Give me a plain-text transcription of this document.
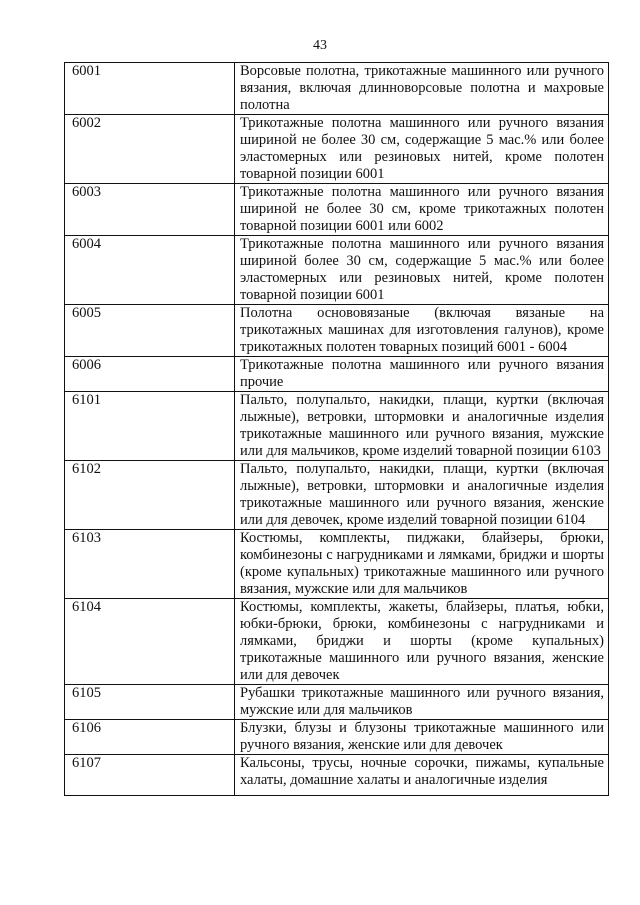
43
6001	Ворсовые полотна, трикотажные машинного или ручного вязания, включая длинноворсовые полотна и махровые полотна
6002	Трикотажные полотна машинного или ручного вязания шириной не более 30 см, содержащие 5 мас.% или более эластомерных или резиновых нитей, кроме полотен товарной позиции 6001
6003	Трикотажные полотна машинного или ручного вязания шириной не более 30 см, кроме трикотажных полотен товарной позиции 6001 или 6002
6004	Трикотажные полотна машинного или ручного вязания шириной более 30 см, содержащие 5 мас.% или более эластомерных или резиновых нитей, кроме полотен товарной позиции 6001
6005	Полотна основовязаные (включая вязаные на трикотажных машинах для изготовления галунов), кроме трикотажных полотен товарных позиций 6001 - 6004
6006	Трикотажные полотна машинного или ручного вязания прочие
6101	Пальто, полупальто, накидки, плащи, куртки (включая лыжные), ветровки, штормовки и аналогичные изделия трикотажные машинного или ручного вязания, мужские или для мальчиков, кроме изделий товарной позиции 6103
6102	Пальто, полупальто, накидки, плащи, куртки (включая лыжные), ветровки, штормовки и аналогичные изделия трикотажные машинного или ручного вязания, женские или для девочек, кроме изделий товарной позиции 6104
6103	Костюмы, комплекты, пиджаки, блайзеры, брюки, комбинезоны с нагрудниками и лямками, бриджи и шорты (кроме купальных) трикотажные машинного или ручного вязания, мужские или для мальчиков
6104	Костюмы, комплекты, жакеты, блайзеры, платья, юбки, юбки-брюки, брюки, комбинезоны с нагрудниками и лямками, бриджи и шорты (кроме купальных) трикотажные машинного или ручного вязания, женские или для девочек
6105	Рубашки трикотажные машинного или ручного вязания, мужские или для мальчиков
6106	Блузки, блузы и блузоны трикотажные машинного или ручного вязания, женские или для девочек
6107	Кальсоны, трусы, ночные сорочки, пижамы, купальные халаты, домашние халаты и аналогичные изделия
